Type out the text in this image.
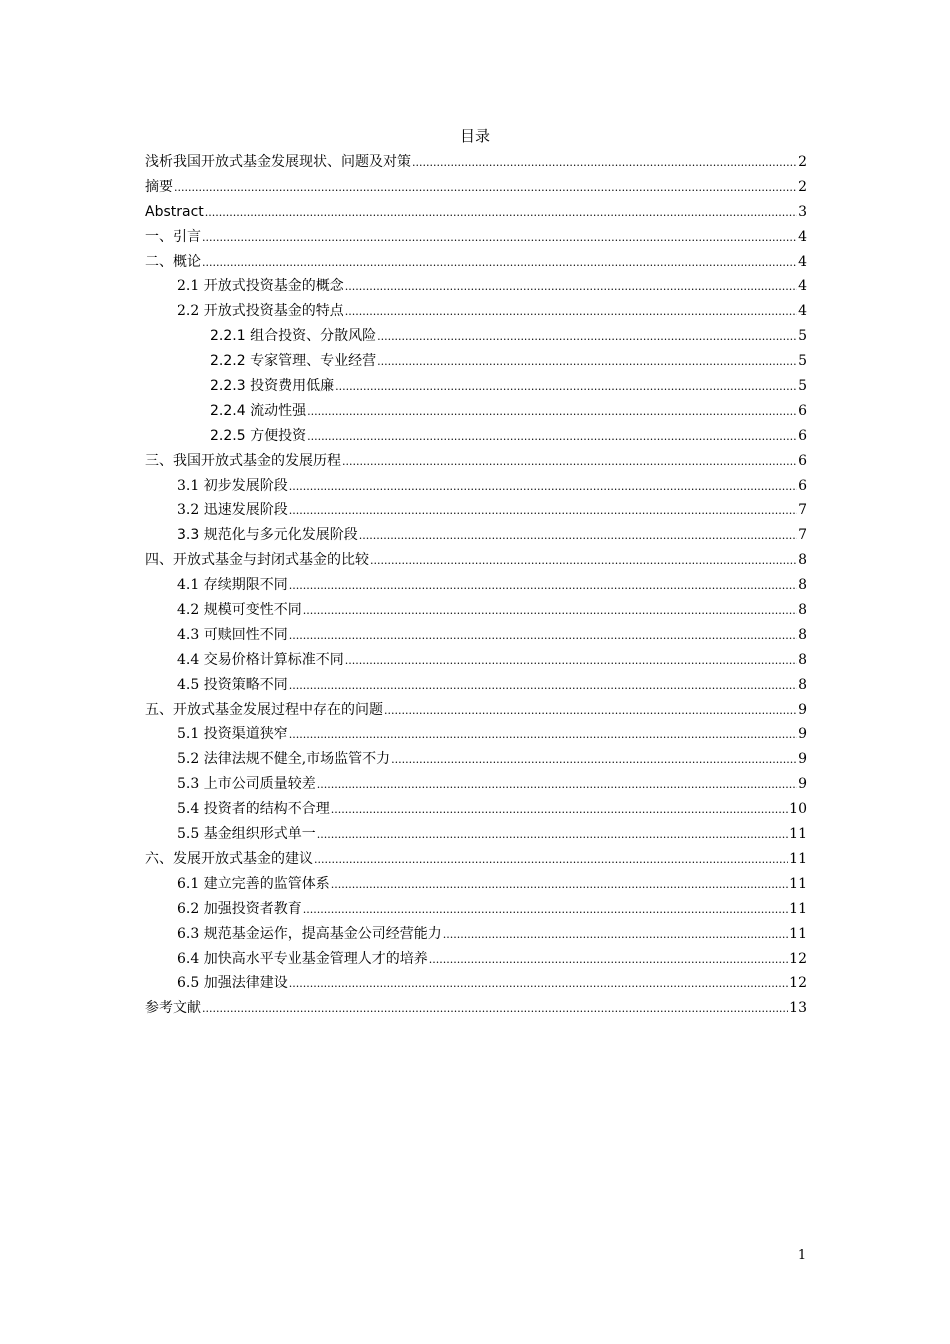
目录
浅析我国开放式基金发展现状、问题及对策 .....	2
摘要 .....	2
Abstract .....	3
一、引言 .....	4
二、概论 .....	4
2.1 开放式投资基金的概念 .....	4
2.2 开放式投资基金的特点 .....	4
2.2.1 组合投资、分散风险 .....	5
2.2.2 专家管理、专业经营 .....	5
2.2.3 投资费用低廉 .....	5
2.2.4 流动性强 .....	6
2.2.5 方便投资 .....	6
三、我国开放式基金的发展历程 .....	6
3.1 初步发展阶段 .....	6
3.2 迅速发展阶段 .....	7
3.3 规范化与多元化发展阶段 .....	7
四、开放式基金与封闭式基金的比较 .....	8
4.1 存续期限不同 .....	8
4.2 规模可变性不同 .....	8
4.3 可赎回性不同 .....	8
4.4 交易价格计算标准不同 .....	8
4.5 投资策略不同 .....	8
五、开放式基金发展过程中存在的问题 .....	9
5.1 投资渠道狭窄 .....	9
5.2 法律法规不健全,市场监管不力 .....	9
5.3 上市公司质量较差 .....	9
5.4 投资者的结构不合理 .....	10
5.5 基金组织形式单一 .....	11
六、发展开放式基金的建议 .....	11
6.1 建立完善的监管体系 .....	11
6.2 加强投资者教育 .....	11
6.3 规范基金运作，提高基金公司经营能力 .....	11
6.4 加快高水平专业基金管理人才的培养 .....	12
6.5 加强法律建设 .....	12
参考文献 .....	13
1
